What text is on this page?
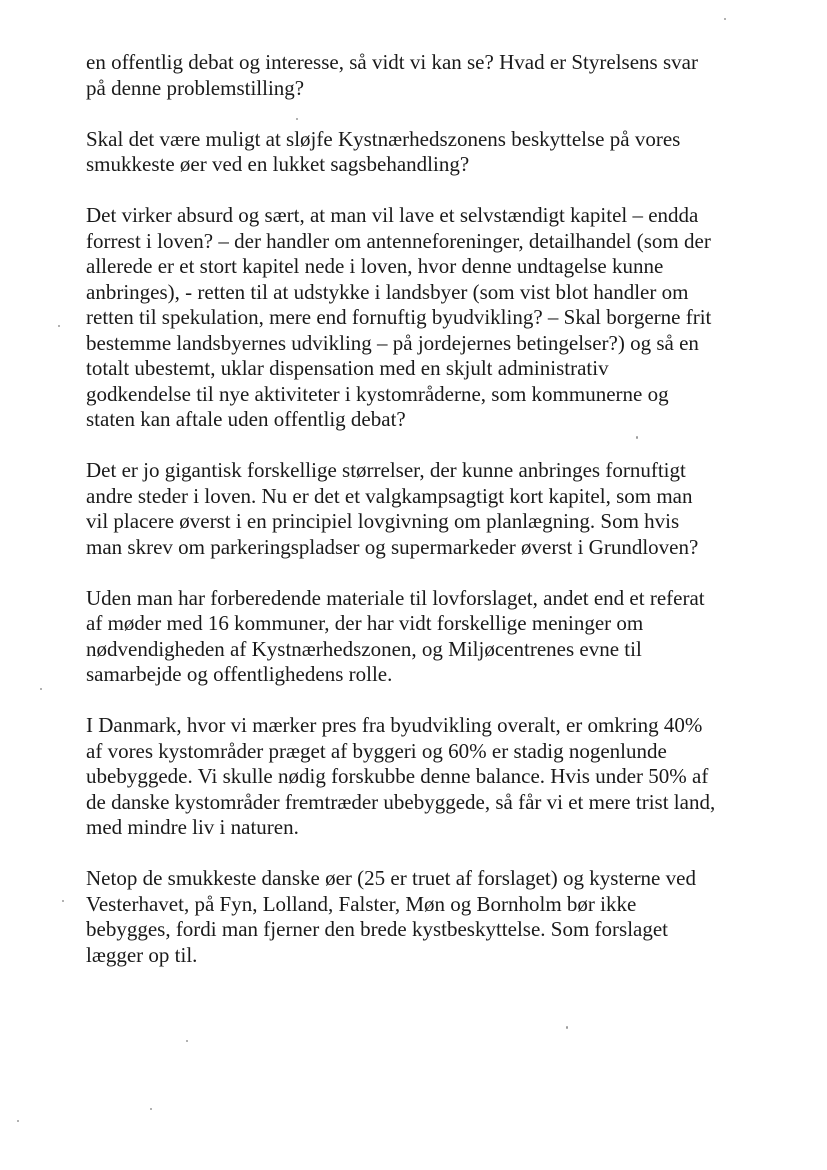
en offentlig debat og interesse, så vidt vi kan se? Hvad er Styrelsens svar
på denne problemstilling?

Skal det være muligt at sløjfe Kystnærhedszonens beskyttelse på vores
smukkeste øer ved en lukket sagsbehandling?

Det virker absurd og sært, at man vil lave et selvstændigt kapitel – endda
forrest i loven? – der handler om antenneforeninger, detailhandel (som der
allerede er et stort kapitel nede i loven, hvor denne undtagelse kunne
anbringes), - retten til at udstykke i landsbyer (som vist blot handler om
retten til spekulation, mere end fornuftig byudvikling? – Skal borgerne frit
bestemme landsbyernes udvikling – på jordejernes betingelser?) og så en
totalt ubestemt, uklar dispensation med en skjult administrativ
godkendelse til nye aktiviteter i kystområderne, som kommunerne og
staten kan aftale uden offentlig debat?

Det er jo gigantisk forskellige størrelser, der kunne anbringes fornuftigt
andre steder i loven. Nu er det et valgkampsagtigt kort kapitel, som man
vil placere øverst i en principiel lovgivning om planlægning. Som hvis
man skrev om parkeringspladser og supermarkeder øverst i Grundloven?

Uden man har forberedende materiale til lovforslaget, andet end et referat
af møder med 16 kommuner, der har vidt forskellige meninger om
nødvendigheden af Kystnærhedszonen, og Miljøcentrenes evne til
samarbejde og offentlighedens rolle.

I Danmark, hvor vi mærker pres fra byudvikling overalt, er omkring 40%
af vores kystområder præget af byggeri og 60% er stadig nogenlunde
ubebyggede. Vi skulle nødig forskubbe denne balance. Hvis under 50% af
de danske kystområder fremtræder ubebyggede, så får vi et mere trist land,
med mindre liv i naturen.

Netop de smukkeste danske øer (25 er truet af forslaget) og kysterne ved
Vesterhavet, på Fyn, Lolland, Falster, Møn og Bornholm bør ikke
bebygges, fordi man fjerner den brede kystbeskyttelse. Som forslaget
lægger op til.
